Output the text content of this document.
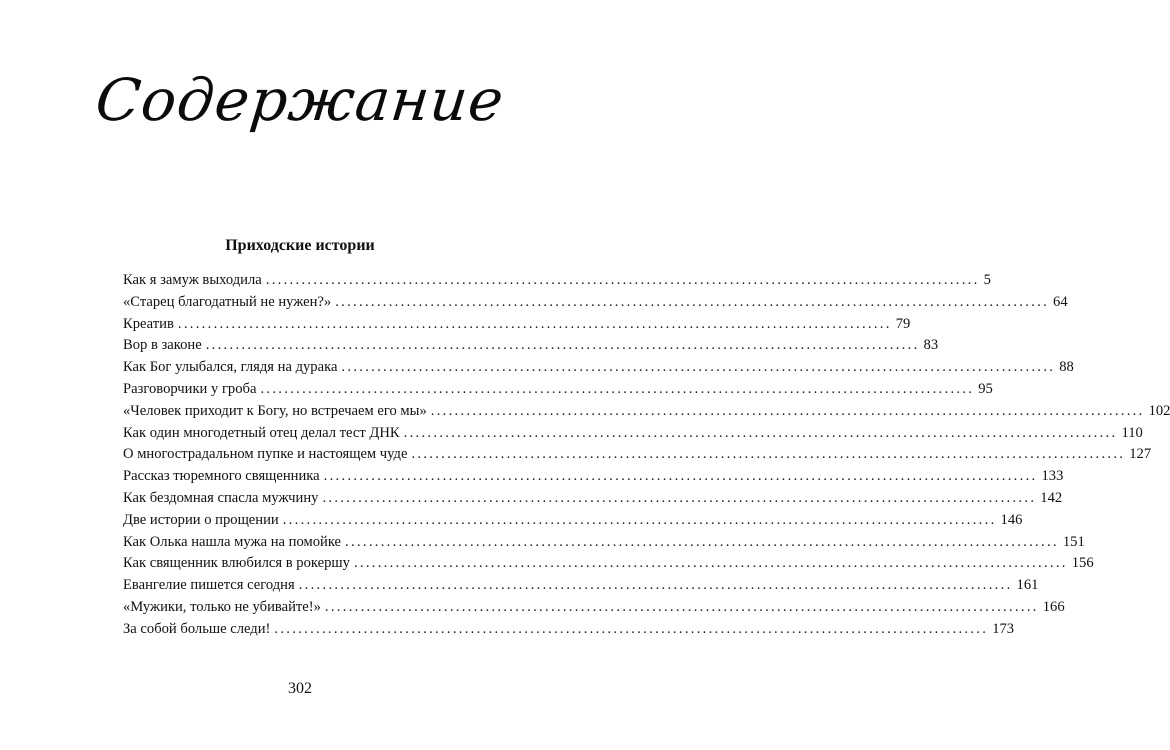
Содержание
Приходские истории
Как я замуж выходила ........................................................................................................................ 5
«Старец благодатный не нужен?» ........................................................................................................................ 64
Креатив ........................................................................................................................ 79
Вор в законе ........................................................................................................................ 83
Как Бог улыбался, глядя на дурака ........................................................................................................................ 88
Разговорчики у гроба ........................................................................................................................ 95
«Человек приходит к Богу, но встречаем его мы» ........................................................................................................................ 102
Как один многодетный отец делал тест ДНК ........................................................................................................................ 110
О многострадальном пупке и настоящем чуде ........................................................................................................................ 127
Рассказ тюремного священника ........................................................................................................................ 133
Как бездомная спасла мужчину ........................................................................................................................ 142
Две истории о прощении ........................................................................................................................ 146
Как Олька нашла мужа на помойке ........................................................................................................................ 151
Как священник влюбился в рокершу ........................................................................................................................ 156
Евангелие пишется сегодня ........................................................................................................................ 161
«Мужики, только не убивайте!» ........................................................................................................................ 166
За собой больше следи! ........................................................................................................................ 173
302
